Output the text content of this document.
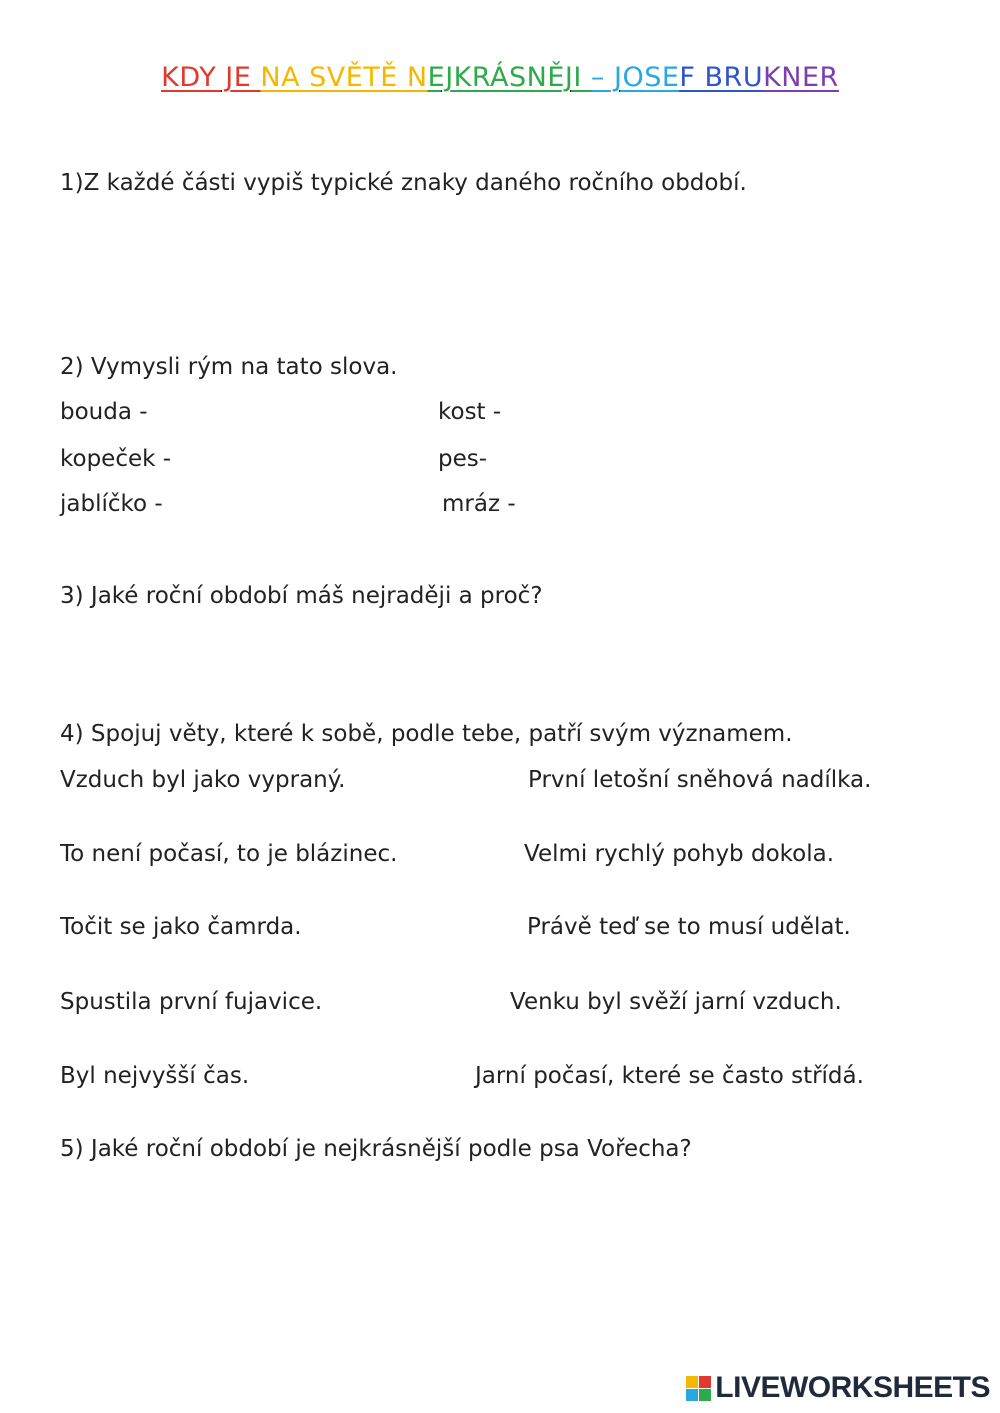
KDY JE NA SVĚTĚ NEJKRÁSNĚJI – JOSEF BRUKNER
1)Z každé části vypiš typické znaky daného ročního období.
2) Vymysli rým na tato slova.
bouda -
kopeček -
jablíčko -
kost -
pes-
mráz -
3) Jaké roční období máš nejraději a proč?
4) Spojuj věty, které k sobě, podle tebe, patří svým významem.
Vzduch byl jako vypraný.
To není počasí, to je blázinec.
Točit se jako čamrda.
Spustila první fujavice.
Byl nejvyšší čas.
První letošní sněhová nadílka.
Velmi rychlý pohyb dokola.
Právě teď se to musí udělat.
Venku byl svěží jarní vzduch.
Jarní počasí, které se často střídá.
5) Jaké roční období je nejkrásnější podle psa Vořecha?
LIVEWORKSHEETS
